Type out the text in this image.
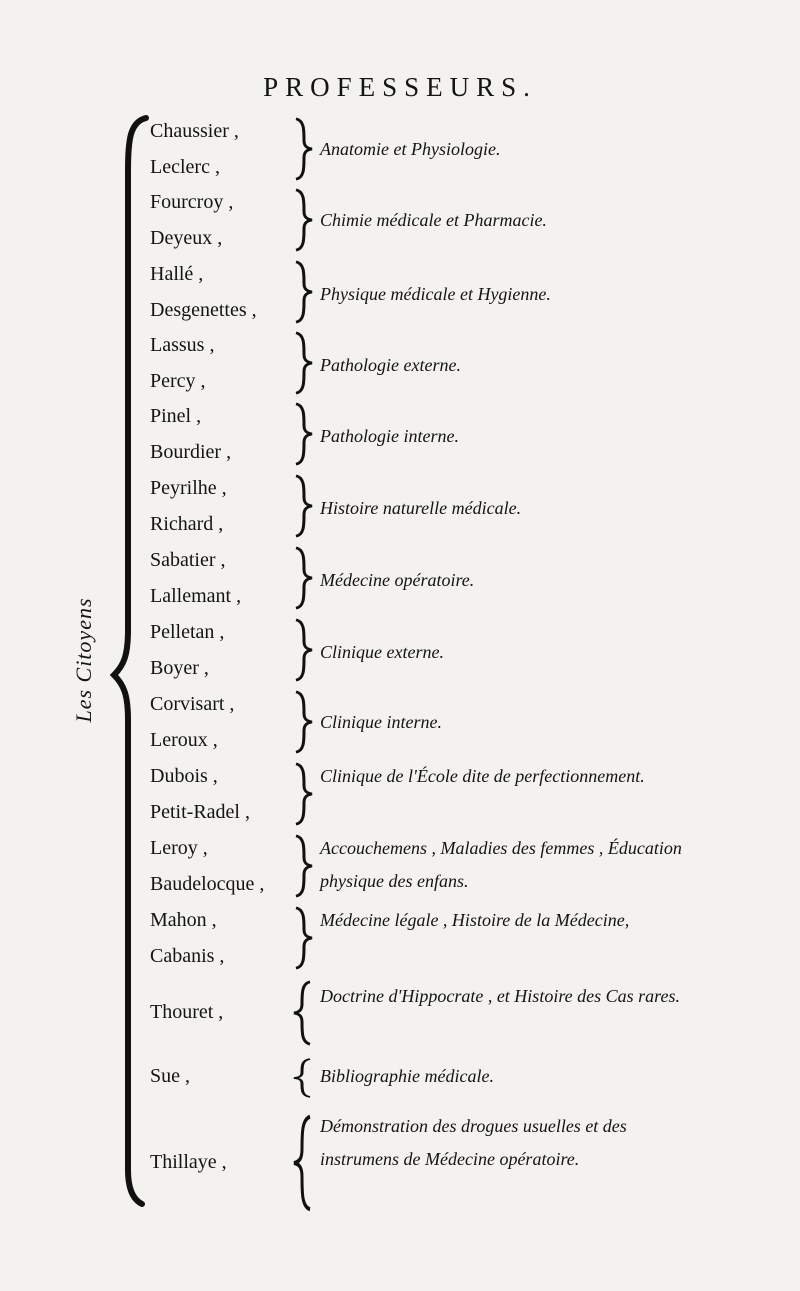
PROFESSEURS.
Les Citoyens
Chaussier ,
Leclerc ,
Anatomie et Physiologie.
Fourcroy ,
Deyeux ,
Chimie médicale et Pharmacie.
Hallé ,
Desgenettes ,
Physique médicale et Hygienne.
Lassus ,
Percy ,
Pathologie externe.
Pinel ,
Bourdier ,
Pathologie interne.
Peyrilhe ,
Richard ,
Histoire naturelle médicale.
Sabatier ,
Lallemant ,
Médecine opératoire.
Pelletan ,
Boyer ,
Clinique externe.
Corvisart ,
Leroux ,
Clinique interne.
Dubois ,
Petit-Radel ,
Clinique de l'École dite de perfectionnement.
Leroy ,
Baudelocque ,
Accouchemens , Maladies des femmes , Éducation physique des enfans.
Mahon ,
Cabanis ,
Médecine légale , Histoire de la Médecine,
Thouret ,
Doctrine d'Hippocrate , et Histoire des Cas rares.
Sue ,	Bibliographie médicale.
Thillaye ,
Démonstration des drogues usuelles et des instrumens de Médecine opératoire.
